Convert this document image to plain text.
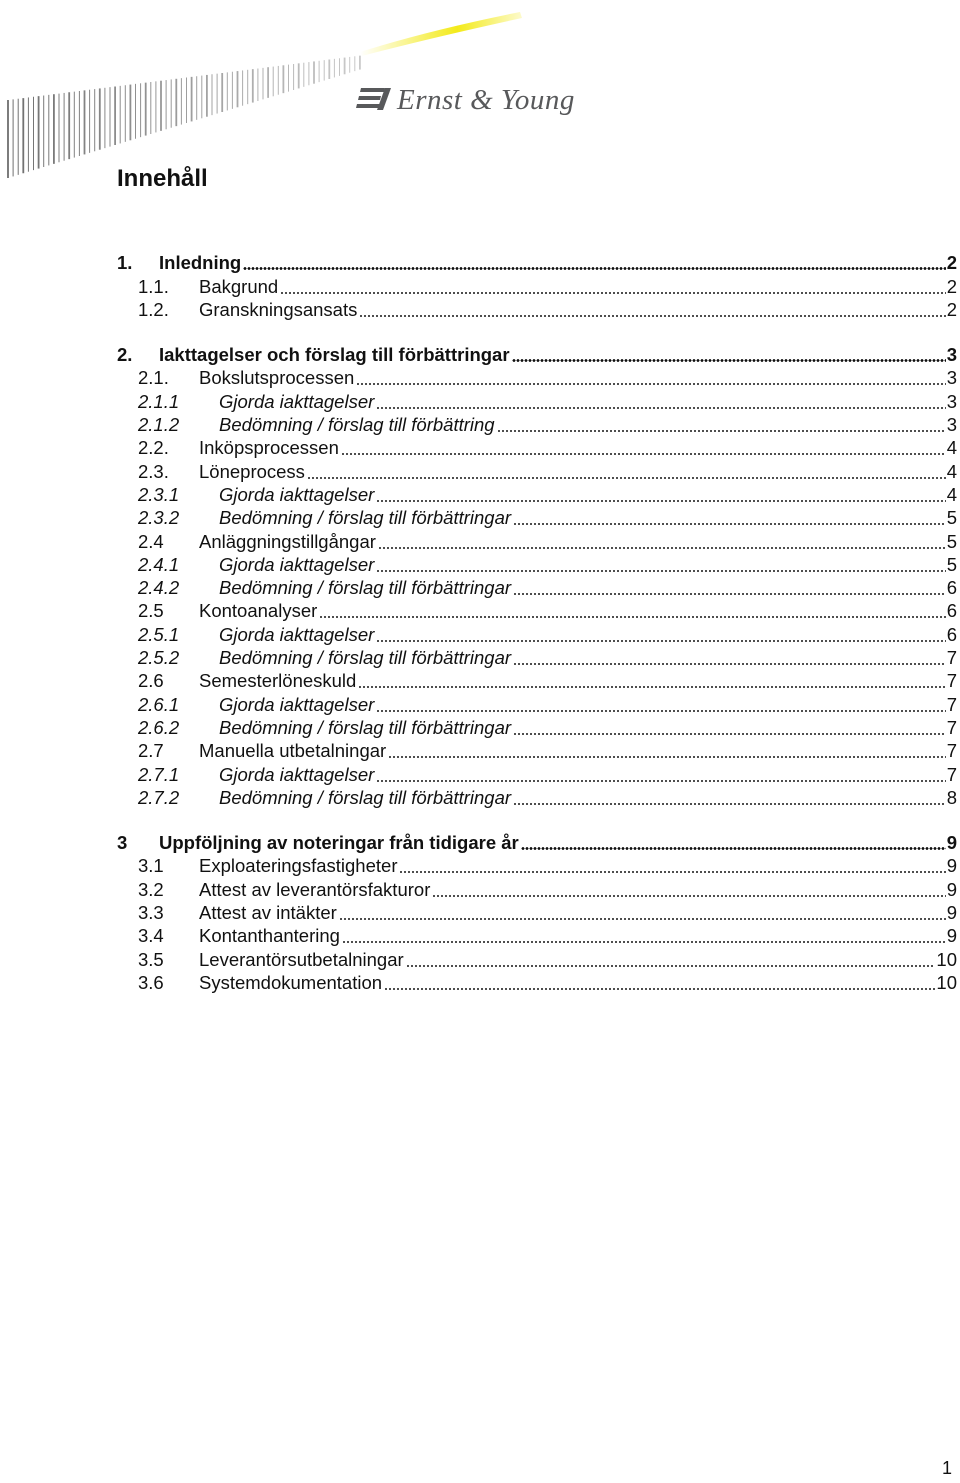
Ernst & Young
Innehåll
1.	Inledning	2
1.1.	Bakgrund	2
1.2.	Granskningsansats	2
2.	Iakttagelser och förslag till förbättringar	3
2.1.	Bokslutsprocessen	3
2.1.1	Gjorda iakttagelser	3
2.1.2	Bedömning / förslag till förbättring	3
2.2.	Inköpsprocessen	4
2.3.	Löneprocess	4
2.3.1	Gjorda iakttagelser	4
2.3.2	Bedömning / förslag till förbättringar	5
2.4	Anläggningstillgångar	5
2.4.1	Gjorda iakttagelser	5
2.4.2	Bedömning / förslag till förbättringar	6
2.5	Kontoanalyser	6
2.5.1	Gjorda iakttagelser	6
2.5.2	Bedömning / förslag till förbättringar	7
2.6	Semesterlöneskuld	7
2.6.1	Gjorda iakttagelser	7
2.6.2	Bedömning / förslag till förbättringar	7
2.7	Manuella utbetalningar	7
2.7.1	Gjorda iakttagelser	7
2.7.2	Bedömning / förslag till förbättringar	8
3	Uppföljning av noteringar från tidigare år	9
3.1	Exploateringsfastigheter	9
3.2	Attest av leverantörsfakturor	9
3.3	Attest av intäkter	9
3.4	Kontanthantering	9
3.5	Leverantörsutbetalningar	10
3.6	Systemdokumentation	10
1
